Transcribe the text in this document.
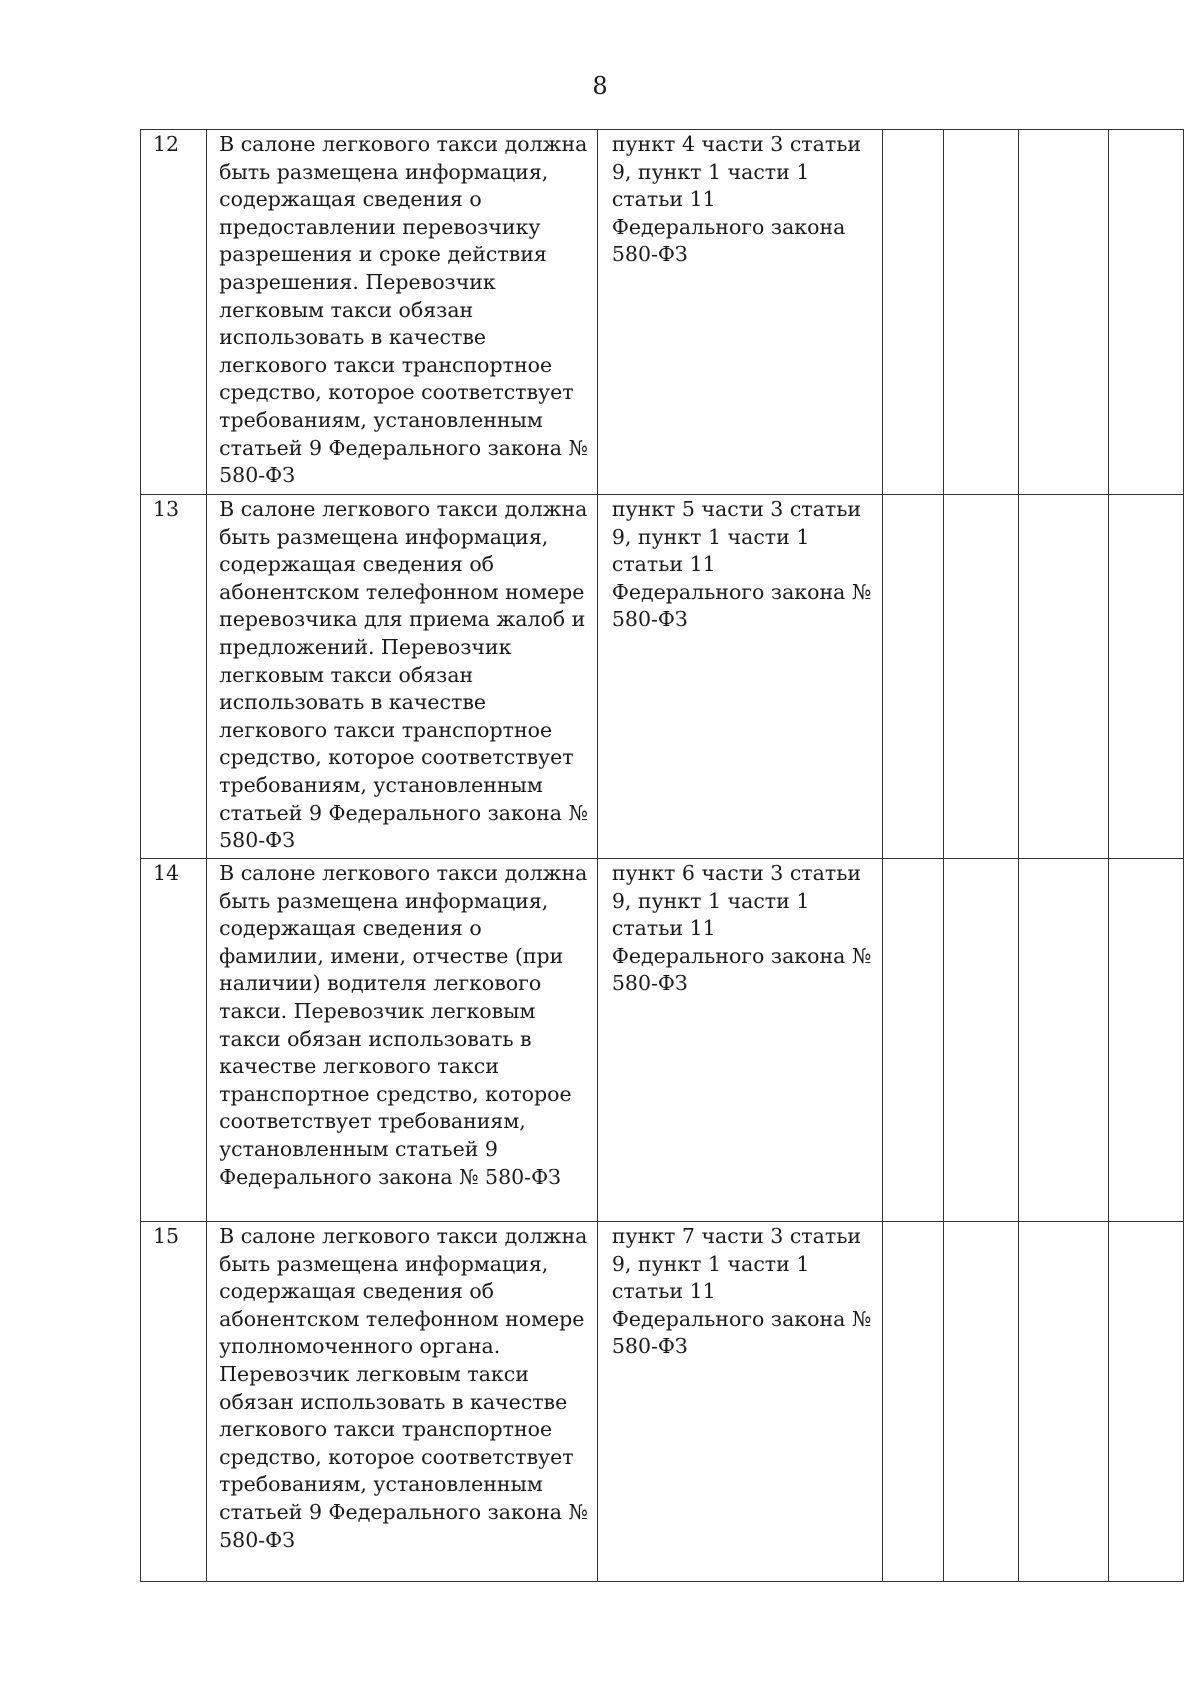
8
12	В салоне легкового такси должна быть размещена информация, содержащая сведения о предоставлении перевозчику разрешения и сроке действия разрешения. Перевозчик легковым такси обязан использовать в качестве легкового такси транспортное средство, которое соответствует требованиям, установленным статьей 9 Федерального закона № 580-ФЗ	пункт 4 части 3 статьи 9, пункт 1 части 1 статьи 11 Федерального закона 580-ФЗ				

13	В салоне легкового такси должна быть размещена информация, содержащая сведения об абонентском телефонном номере перевозчика для приема жалоб и предложений. Перевозчик легковым такси обязан использовать в качестве легкового такси транспортное средство, которое соответствует требованиям, установленным статьей 9 Федерального закона № 580-ФЗ	пункт 5 части 3 статьи 9, пункт 1 части 1 статьи 11 Федерального закона № 580-ФЗ				

14	В салоне легкового такси должна быть размещена информация, содержащая сведения о фамилии, имени, отчестве (при наличии) водителя легкового такси. Перевозчик легковым такси обязан использовать в качестве легкового такси транспортное средство, которое соответствует требованиям, установленным статьей 9 Федерального закона № 580-ФЗ	пункт 6 части 3 статьи 9, пункт 1 части 1 статьи 11 Федерального закона № 580-ФЗ				

15	В салоне легкового такси должна быть размещена информация, содержащая сведения об абонентском телефонном номере уполномоченного органа. Перевозчик легковым такси обязан использовать в качестве легкового такси транспортное средство, которое соответствует требованиям, установленным статьей 9 Федерального закона № 580-ФЗ	пункт 7 части 3 статьи 9, пункт 1 части 1 статьи 11 Федерального закона № 580-ФЗ				
